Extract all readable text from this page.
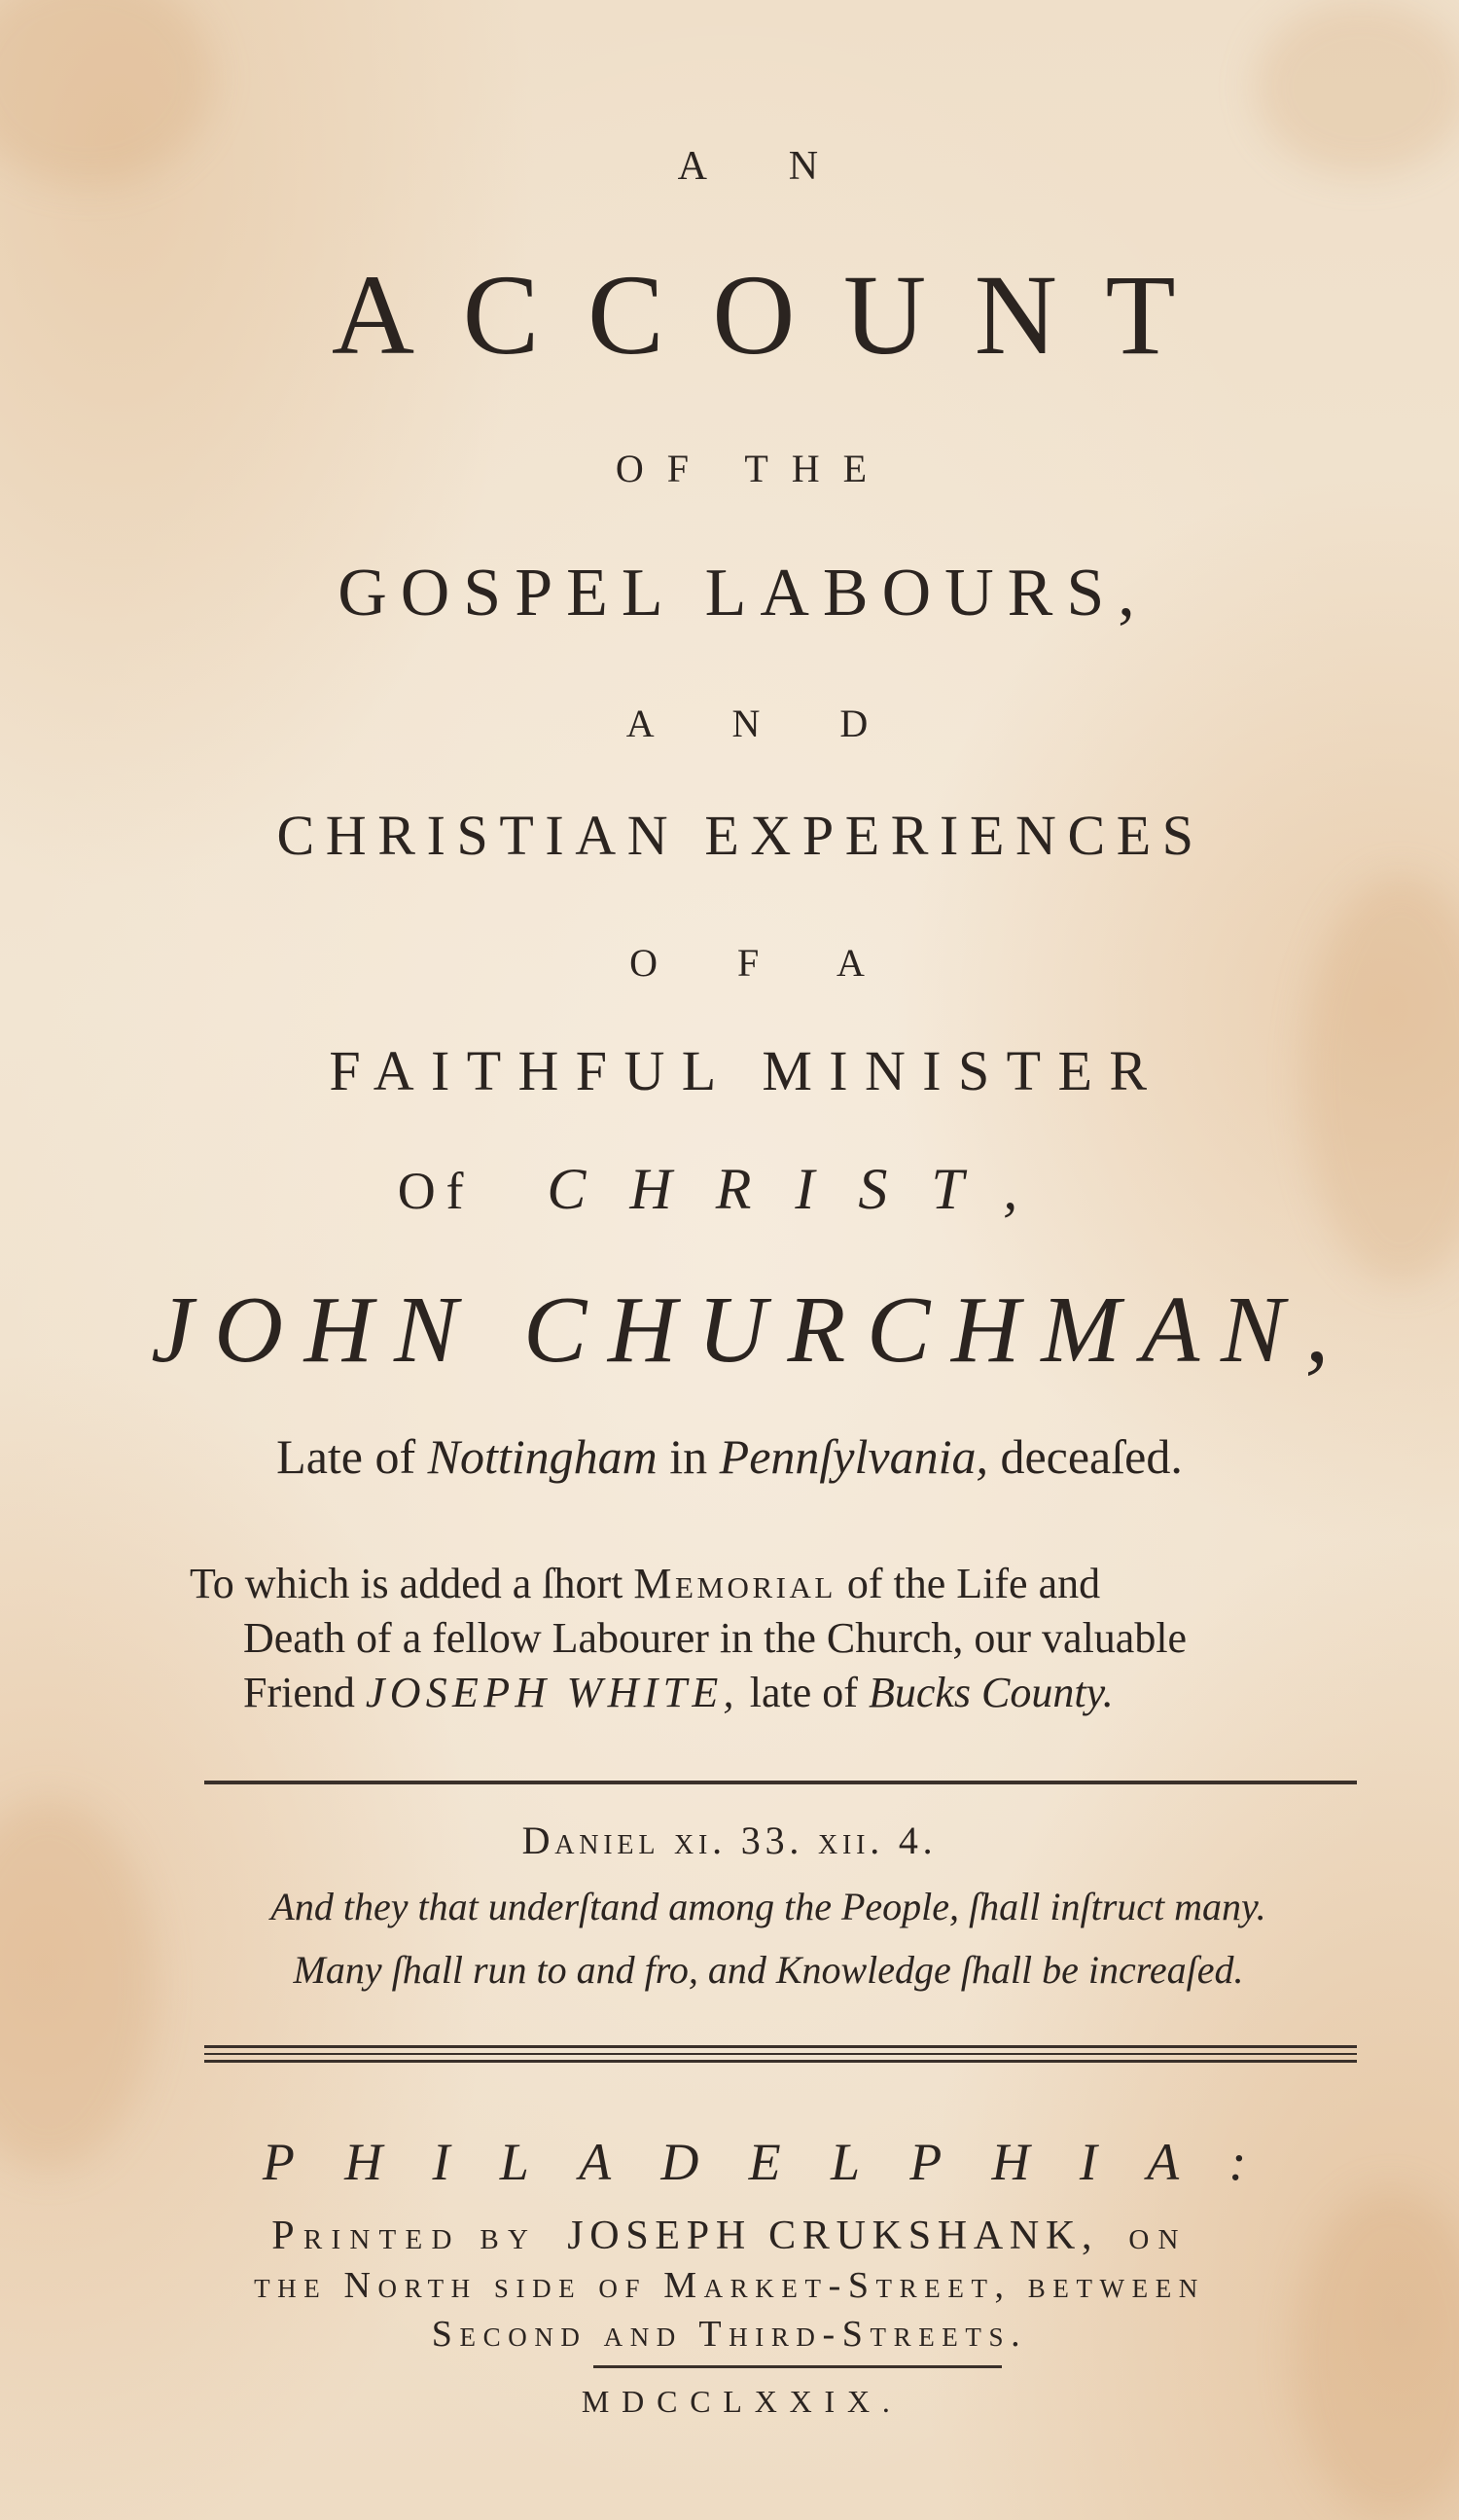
A N
ACCOUNT
OF THE
GOSPEL LABOURS,
A N D
CHRISTIAN EXPERIENCES
O F A
FAITHFUL MINISTER
Of CHRIST,
JOHN CHURCHMAN,
Late of Nottingham in Pennſylvania, deceaſed.
To which is added a ſhort Memorial of the Life and
Death of a fellow Labourer in the Church, our valuable
Friend JOSEPH WHITE, late of Bucks County.
Daniel xi. 33. xii. 4.
And they that underſtand among the People, ſhall inſtruct many.
Many ſhall run to and fro, and Knowledge ſhall be increaſed.
PHILADELPHIA:
Printed by JOSEPH CRUKSHANK, on
the North side of Market-Street, between
Second and Third-Streets.
MDCCLXXIX.
